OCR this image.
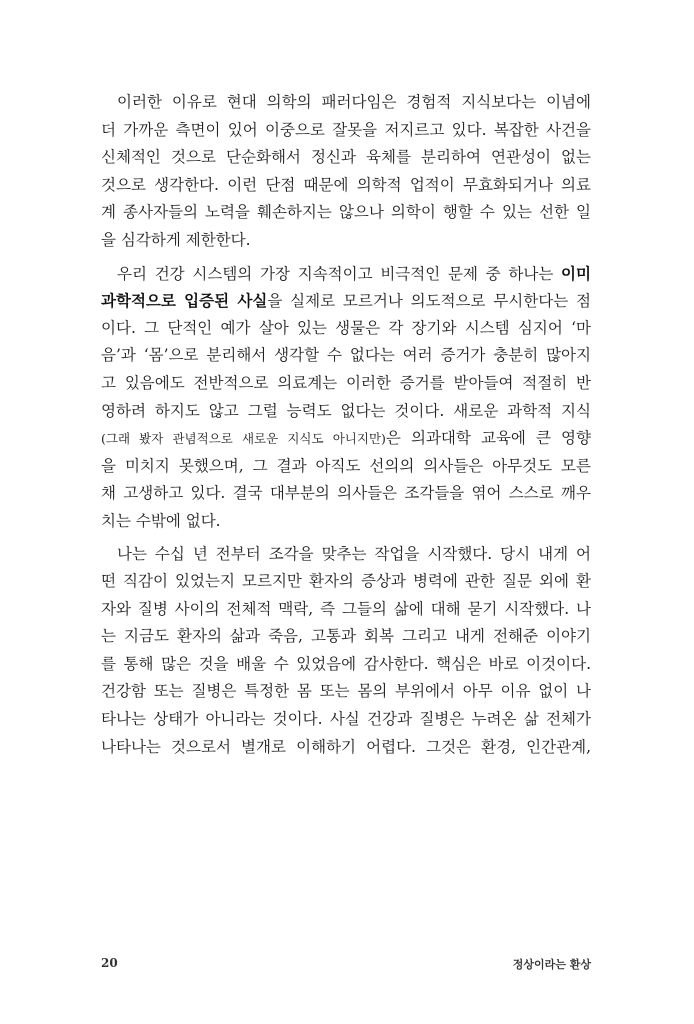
이러한 이유로 현대 의학의 패러다임은 경험적 지식보다는 이념에
더 가까운 측면이 있어 이중으로 잘못을 저지르고 있다. 복잡한 사건을
신체적인 것으로 단순화해서 정신과 육체를 분리하여 연관성이 없는
것으로 생각한다. 이런 단점 때문에 의학적 업적이 무효화되거나 의료
계 종사자들의 노력을 훼손하지는 않으나 의학이 행할 수 있는 선한 일
을 심각하게 제한한다.
우리 건강 시스템의 가장 지속적이고 비극적인 문제 중 하나는 이미
과학적으로 입증된 사실을 실제로 모르거나 의도적으로 무시한다는 점
이다. 그 단적인 예가 살아 있는 생물은 각 장기와 시스템 심지어 ‘마
음’과 ‘몸’으로 분리해서 생각할 수 없다는 여러 증거가 충분히 많아지
고 있음에도 전반적으로 의료계는 이러한 증거를 받아들여 적절히 반
영하려 하지도 않고 그럴 능력도 없다는 것이다. 새로운 과학적 지식
(그래 봤자 관념적으로 새로운 지식도 아니지만)은 의과대학 교육에 큰 영향
을 미치지 못했으며, 그 결과 아직도 선의의 의사들은 아무것도 모른
채 고생하고 있다. 결국 대부분의 의사들은 조각들을 엮어 스스로 깨우
치는 수밖에 없다.
나는 수십 년 전부터 조각을 맞추는 작업을 시작했다. 당시 내게 어
떤 직감이 있었는지 모르지만 환자의 증상과 병력에 관한 질문 외에 환
자와 질병 사이의 전체적 맥락, 즉 그들의 삶에 대해 묻기 시작했다. 나
는 지금도 환자의 삶과 죽음, 고통과 회복 그리고 내게 전해준 이야기
를 통해 많은 것을 배울 수 있었음에 감사한다. 핵심은 바로 이것이다.
건강함 또는 질병은 특정한 몸 또는 몸의 부위에서 아무 이유 없이 나
타나는 상태가 아니라는 것이다. 사실 건강과 질병은 누려온 삶 전체가
나타나는 것으로서 별개로 이해하기 어렵다. 그것은 환경, 인간관계,
20	정상이라는 환상
